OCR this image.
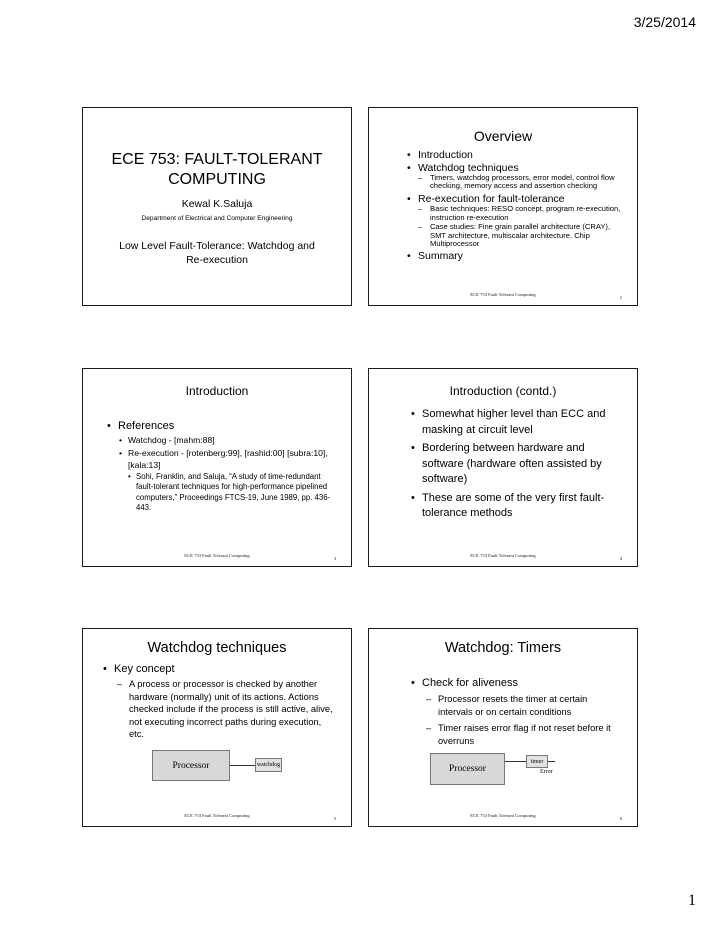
3/25/2014
ECE 753: FAULT-TOLERANT
COMPUTING
Kewal K.Saluja
Department of Electrical and Computer Engineering
Low Level Fault-Tolerance: Watchdog and
Re-execution
Overview
• Introduction
• Watchdog techniques
– Timers, watchdog processors, error model, control flow checking, memory access and assertion checking
• Re-execution for fault-tolerance
– Basic techniques: RESO concept, program re-execution, instruction re-execution
– Case studies: Fine grain parallel architecture (CRAY), SMT architecture, multiscalar architecture. Chip Multiprocessor
• Summary
ECE 753 Fault Tolerant Computing
2
Introduction
• References
• Watchdog - [mahm:88]
• Re-execution - [rotenberg:99], [rashid:00] [subra:10], [kala:13]
• Sohi, Franklin, and Saluja, “A study of time-redundant fault-tolerant techniques for high-performance pipelined computers,” Proceedings FTCS-19, June 1989, pp. 436-443.
ECE 753 Fault Tolerant Computing
3
Introduction (contd.)
• Somewhat higher level than ECC and masking at circuit level
• Bordering between hardware and software (hardware often assisted by software)
• These are some of the very first fault-tolerance methods
ECE 753 Fault Tolerant Computing
4
Watchdog techniques
• Key concept
– A process or processor is checked by another hardware (normally) unit of its actions. Actions checked include if the process is still active, alive, not executing incorrect paths during execution, etc.
Processor	watchdog
ECE 753 Fault Tolerant Computing
5
Watchdog: Timers
• Check for aliveness
– Processor resets the timer at certain intervals or on certain conditions
– Timer raises error flag if not reset before it overruns
Processor
timer
Error
ECE 753 Fault Tolerant Computing
6
1
